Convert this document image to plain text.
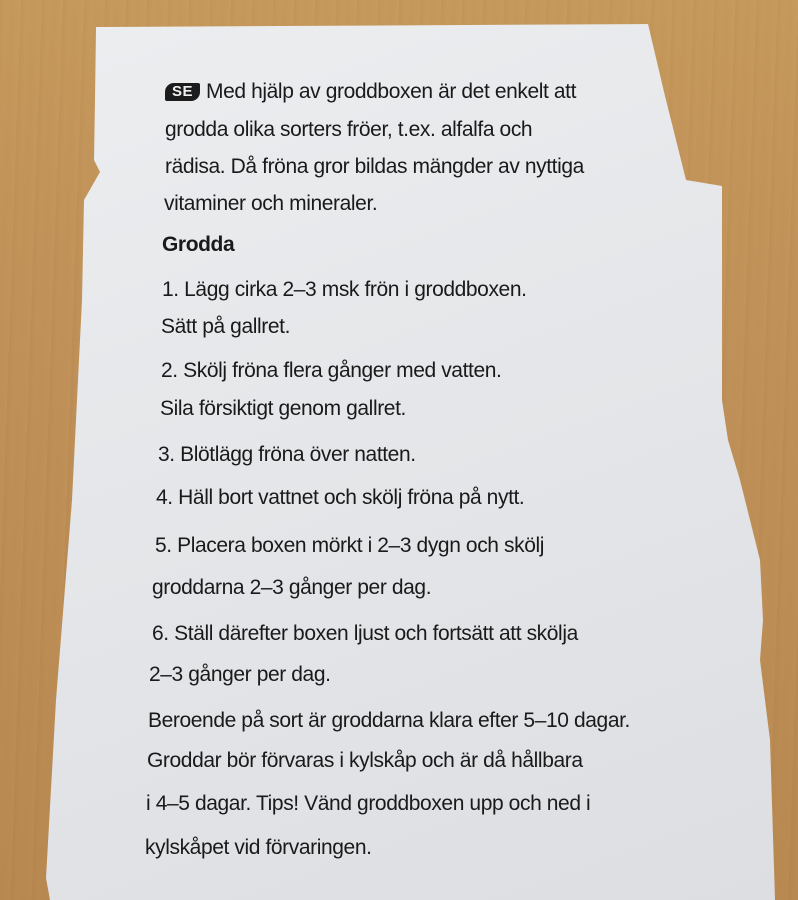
SE Med hjälp av groddboxen är det enkelt att
grodda olika sorters fröer, t.ex. alfalfa och
rädisa. Då fröna gror bildas mängder av nyttiga
vitaminer och mineraler.
Grodda
1. Lägg cirka 2–3 msk frön i groddboxen.
Sätt på gallret.
2. Skölj fröna flera gånger med vatten.
Sila försiktigt genom gallret.
3. Blötlägg fröna över natten.
4. Häll bort vattnet och skölj fröna på nytt.
5. Placera boxen mörkt i 2–3 dygn och skölj
groddarna 2–3 gånger per dag.
6. Ställ därefter boxen ljust och fortsätt att skölja
2–3 gånger per dag.
Beroende på sort är groddarna klara efter 5–10 dagar.
Groddar bör förvaras i kylskåp och är då hållbara
i 4–5 dagar. Tips! Vänd groddboxen upp och ned i
kylskåpet vid förvaringen.
